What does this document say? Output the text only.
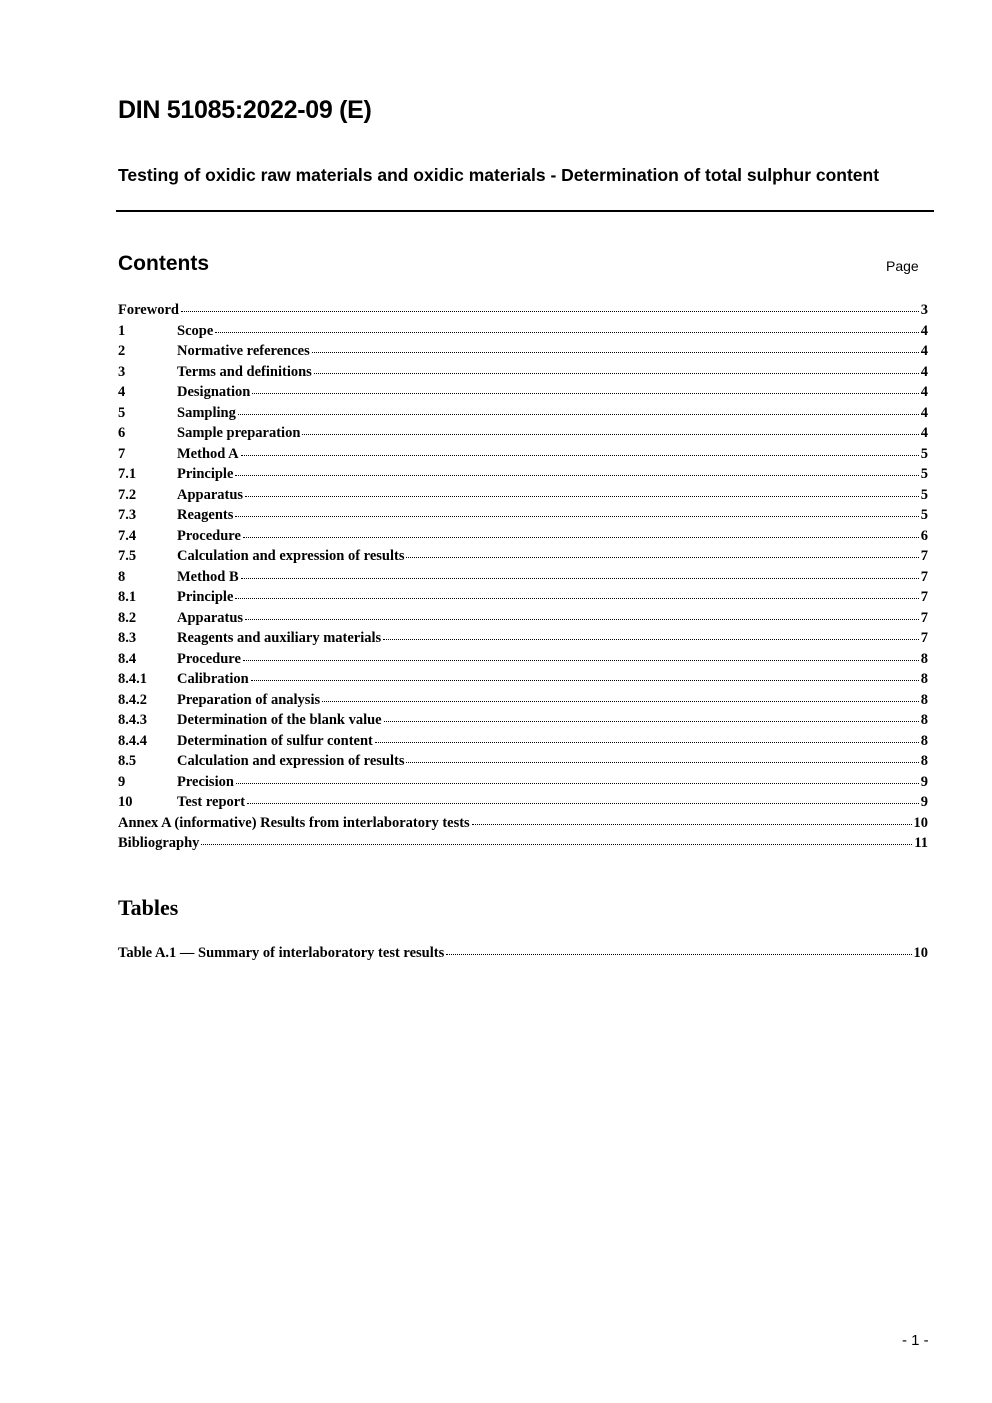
DIN 51085:2022-09 (E)
Testing of oxidic raw materials and oxidic materials - Determination of total sulphur content
Contents	Page
Foreword	3
1	Scope	4
2	Normative references	4
3	Terms and definitions	4
4	Designation	4
5	Sampling	4
6	Sample preparation	4
7	Method A	5
7.1	Principle	5
7.2	Apparatus	5
7.3	Reagents	5
7.4	Procedure	6
7.5	Calculation and expression of results	7
8	Method B	7
8.1	Principle	7
8.2	Apparatus	7
8.3	Reagents and auxiliary materials	7
8.4	Procedure	8
8.4.1	Calibration	8
8.4.2	Preparation of analysis	8
8.4.3	Determination of the blank value	8
8.4.4	Determination of sulfur content	8
8.5	Calculation and expression of results	8
9	Precision	9
10	Test report	9
Annex A (informative) Results from interlaboratory tests	10
Bibliography	11
Tables
Table A.1 — Summary of interlaboratory test results	10
- 1 -
